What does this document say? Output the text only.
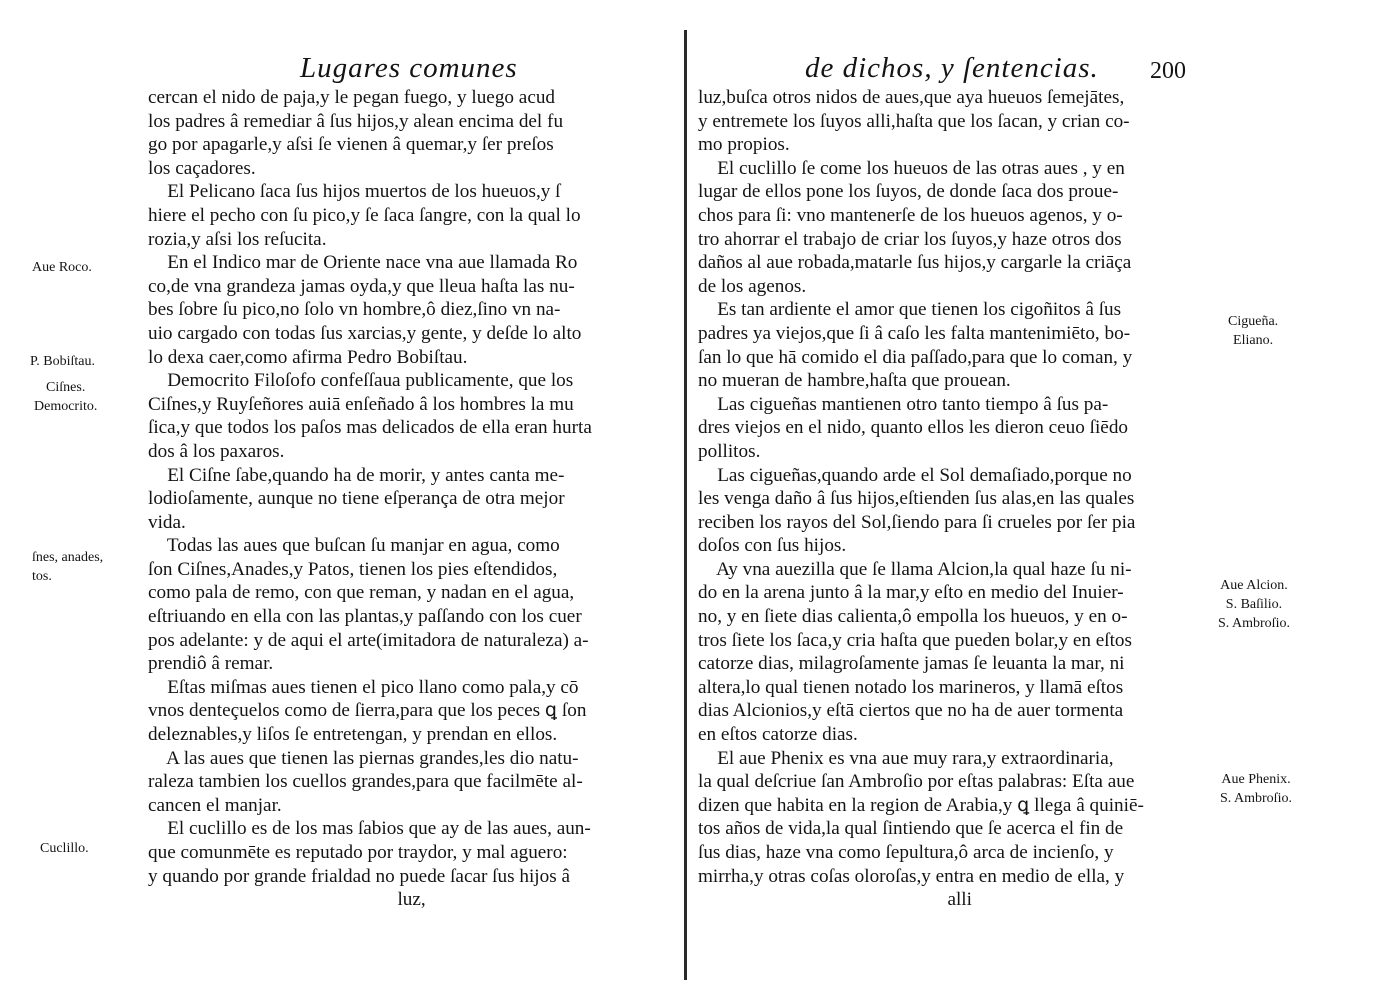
Lugares comunes
cercan el nido de paja,y le pegan fuego, y luego acud
los padres â remediar â ſus hijos,y alean encima del fu
go por apagarle,y aſsi ſe vienen â quemar,y ſer preſos
los caçadores.
El Pelicano ſaca ſus hijos muertos de los hueuos,y ſ
hiere el pecho con ſu pico,y ſe ſaca ſangre, con la qual lo
rozia,y aſsi los reſucita.
En el Indico mar de Oriente nace vna aue llamada Ro
co,de vna grandeza jamas oyda,y que lleua haſta las nu-
bes ſobre ſu pico,no ſolo vn hombre,ô diez,ſino vn na-
uio cargado con todas ſus xarcias,y gente, y deſde lo alto
lo dexa caer,como afirma Pedro Bobiſtau.
Democrito Filoſofo confeſſaua publicamente, que los
Ciſnes,y Ruyſeñores auiā enſeñado â los hombres la mu
ſica,y que todos los paſos mas delicados de ella eran hurta
dos â los paxaros.
El Ciſne ſabe,quando ha de morir, y antes canta me-
lodioſamente, aunque no tiene eſperança de otra mejor
vida.
Todas las aues que buſcan ſu manjar en agua, como
ſon Ciſnes,Anades,y Patos, tienen los pies eſtendidos,
como pala de remo, con que reman, y nadan en el agua,
eſtriuando en ella con las plantas,y paſſando con los cuer
pos adelante: y de aqui el arte(imitadora de naturaleza) a-
prendiô â remar.
Eſtas miſmas aues tienen el pico llano como pala,y cō
vnos denteçuelos como de ſierra,para que los peces ꝗ ſon
deleznables,y liſos ſe entretengan, y prendan en ellos.
A las aues que tienen las piernas grandes,les dio natu-
raleza tambien los cuellos grandes,para que facilmēte al-
cancen el manjar.
El cuclillo es de los mas ſabios que ay de las aues, aun-
que comunmēte es reputado por traydor, y mal aguero:
y quando por grande frialdad no puede ſacar ſus hijos â
luz,
Aue Roco.
P. Bobiſtau.
Ciſnes.
Democrito.
ſnes, anades,
tos.
Cuclillo.
de dichos, y ſentencias. 200
luz,buſca otros nidos de aues,que aya hueuos ſemejātes,
y entremete los ſuyos alli,haſta que los ſacan, y crian co-
mo propios.
El cuclillo ſe come los hueuos de las otras aues , y en
lugar de ellos pone los ſuyos, de donde ſaca dos proue-
chos para ſi: vno mantenerſe de los hueuos agenos, y o-
tro ahorrar el trabajo de criar los ſuyos,y haze otros dos
daños al aue robada,matarle ſus hijos,y cargarle la criāça
de los agenos.
Es tan ardiente el amor que tienen los cigoñitos â ſus
padres ya viejos,que ſi â caſo les falta mantenimiēto, bo-
ſan lo que hā comido el dia paſſado,para que lo coman, y
no mueran de hambre,haſta que prouean.
Las cigueñas mantienen otro tanto tiempo â ſus pa-
dres viejos en el nido, quanto ellos les dieron ceuo ſiēdo
pollitos.
Las cigueñas,quando arde el Sol demaſiado,porque no
les venga daño â ſus hijos,eſtienden ſus alas,en las quales
reciben los rayos del Sol,ſiendo para ſi crueles por ſer pia
doſos con ſus hijos.
Ay vna auezilla que ſe llama Alcion,la qual haze ſu ni-
do en la arena junto â la mar,y eſto en medio del Inuier-
no, y en ſiete dias calienta,ô empolla los hueuos, y en o-
tros ſiete los ſaca,y cria haſta que pueden bolar,y en eſtos
catorze dias, milagroſamente jamas ſe leuanta la mar, ni
altera,lo qual tienen notado los marineros, y llamā eſtos
dias Alcionios,y eſtā ciertos que no ha de auer tormenta
en eſtos catorze dias.
El aue Phenix es vna aue muy rara,y extraordinaria,
la qual deſcriue ſan Ambroſio por eſtas palabras: Eſta aue
dizen que habita en la region de Arabia,y ꝗ llega â quiniē-
tos años de vida,la qual ſintiendo que ſe acerca el fin de
ſus dias, haze vna como ſepultura,ô arca de incienſo, y
mirrha,y otras coſas oloroſas,y entra en medio de ella, y
alli
Cigueña.
Eliano.
Aue Alcion.
S. Baſilio.
S. Ambroſio.
Aue Phenix.
S. Ambroſio.
